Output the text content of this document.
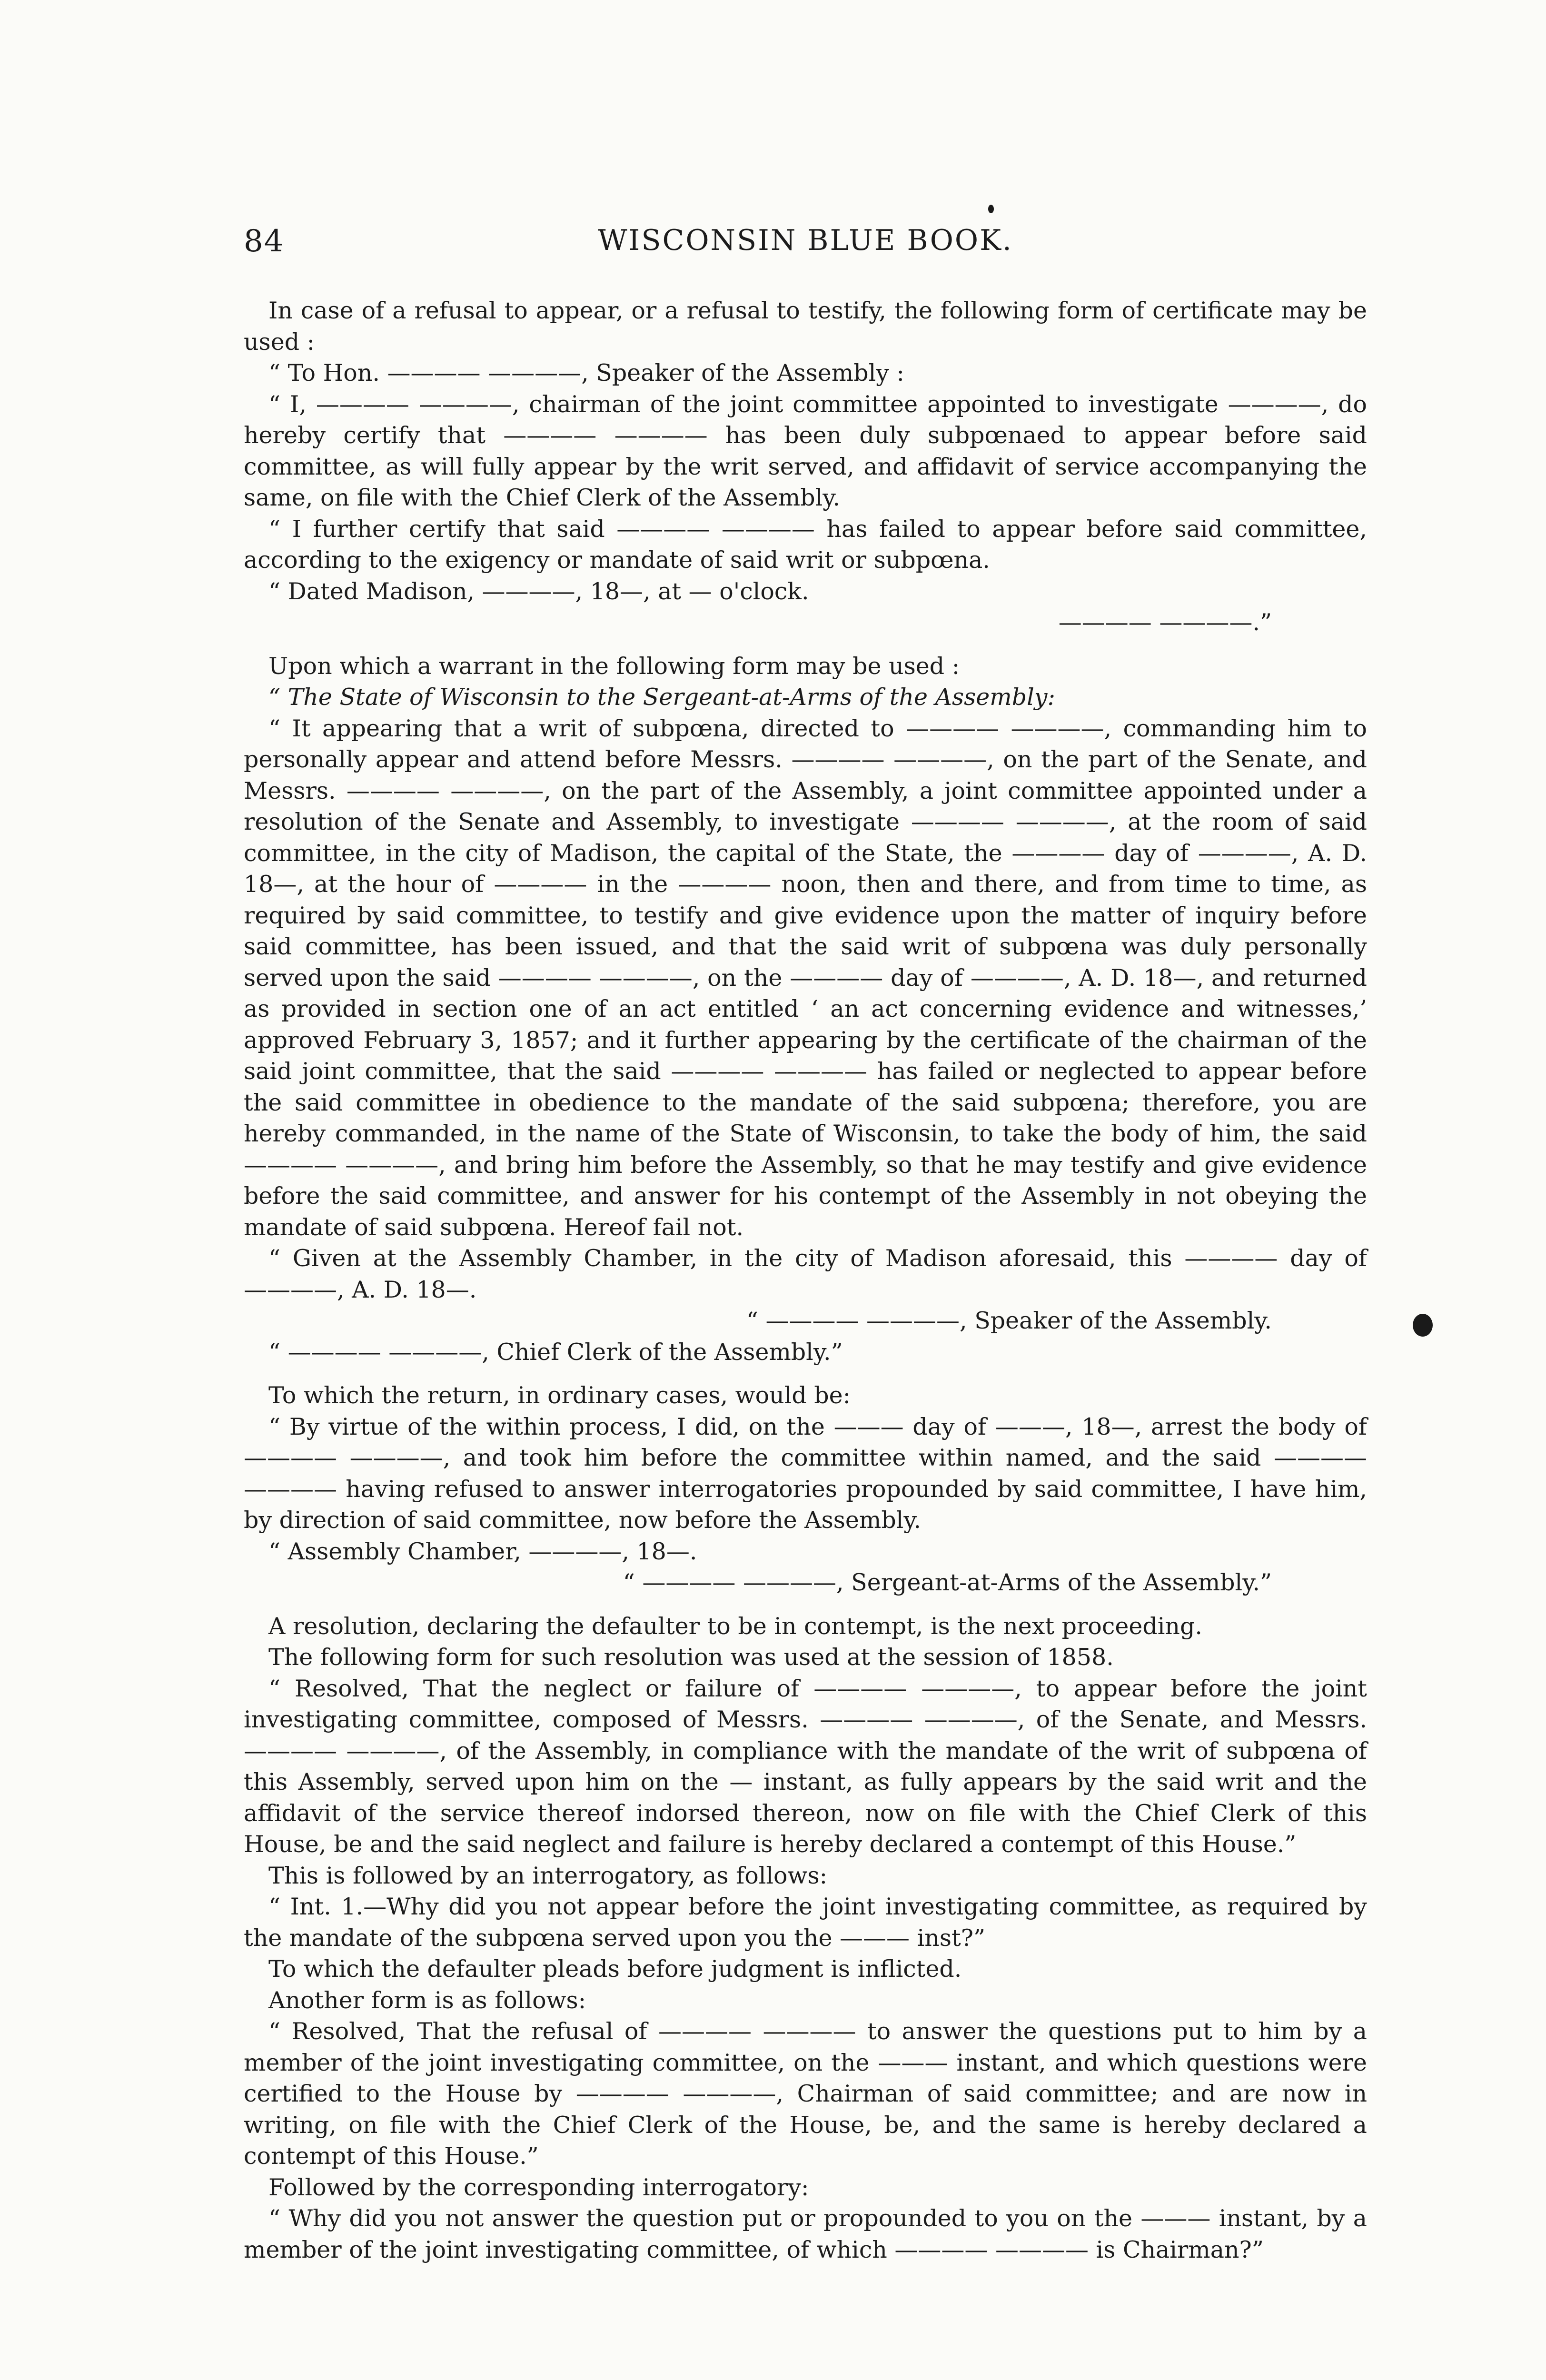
84	WISCONSIN BLUE BOOK.

In case of a refusal to appear, or a refusal to testify, the following form of certificate may be used :

“ To Hon. ———— ————, Speaker of the Assembly :

“ I, ———— ————, chairman of the joint committee appointed to investigate ————, do hereby certify that ———— ———— has been duly subpœnaed to appear before said committee, as will fully appear by the writ served, and affidavit of service accompanying the same, on file with the Chief Clerk of the Assembly.

“ I further certify that said ———— ———— has failed to appear before said committee, according to the exigency or mandate of said writ or subpœna.

“ Dated Madison, ————, 18—, at — o'clock.

———— ————.”

Upon which a warrant in the following form may be used :

“ The State of Wisconsin to the Sergeant-at-Arms of the Assembly:

“ It appearing that a writ of subpœna, directed to ———— ————, commanding him to personally appear and attend before Messrs. ———— ————, on the part of the Senate, and Messrs. ———— ————, on the part of the Assembly, a joint committee appointed under a resolution of the Senate and Assembly, to investigate ———— ————, at the room of said committee, in the city of Madison, the capital of the State, the ———— day of ————, A. D. 18—, at the hour of ———— in the ———— noon, then and there, and from time to time, as required by said committee, to testify and give evidence upon the matter of inquiry before said committee, has been issued, and that the said writ of subpœna was duly personally served upon the said ———— ————, on the ———— day of ————, A. D. 18—, and returned as provided in section one of an act entitled ‘ an act concerning evidence and witnesses,’ approved February 3, 1857; and it further appearing by the certificate of the chairman of the said joint committee, that the said ———— ———— has failed or neglected to appear before the said committee in obedience to the mandate of the said subpœna; therefore, you are hereby commanded, in the name of the State of Wisconsin, to take the body of him, the said ———— ————, and bring him before the Assembly, so that he may testify and give evidence before the said committee, and answer for his contempt of the Assembly in not obeying the mandate of said subpœna. Hereof fail not.

“ Given at the Assembly Chamber, in the city of Madison aforesaid, this ———— day of ————, A. D. 18—.

“ ———— ————, Speaker of the Assembly.

“ ———— ————, Chief Clerk of the Assembly.”

To which the return, in ordinary cases, would be:

“ By virtue of the within process, I did, on the ——— day of ———, 18—, arrest the body of ———— ————, and took him before the committee within named, and the said ———— ———— having refused to answer interrogatories propounded by said committee, I have him, by direction of said committee, now before the Assembly.

“ Assembly Chamber, ————, 18—.

“ ———— ————, Sergeant-at-Arms of the Assembly.”

A resolution, declaring the defaulter to be in contempt, is the next proceeding.

The following form for such resolution was used at the session of 1858.

“ Resolved, That the neglect or failure of ———— ————, to appear before the joint investigating committee, composed of Messrs. ———— ————, of the Senate, and Messrs. ———— ————, of the Assembly, in compliance with the mandate of the writ of subpœna of this Assembly, served upon him on the — instant, as fully appears by the said writ and the affidavit of the service thereof indorsed thereon, now on file with the Chief Clerk of this House, be and the said neglect and failure is hereby declared a contempt of this House.”

This is followed by an interrogatory, as follows:

“ Int. 1.—Why did you not appear before the joint investigating committee, as required by the mandate of the subpœna served upon you the ——— inst?”

To which the defaulter pleads before judgment is inflicted.

Another form is as follows:

“ Resolved, That the refusal of ———— ———— to answer the questions put to him by a member of the joint investigating committee, on the ——— instant, and which questions were certified to the House by ———— ————, Chairman of said committee; and are now in writing, on file with the Chief Clerk of the House, be, and the same is hereby declared a contempt of this House.”

Followed by the corresponding interrogatory:

“ Why did you not answer the question put or propounded to you on the ——— instant, by a member of the joint investigating committee, of which ———— ———— is Chairman?”
